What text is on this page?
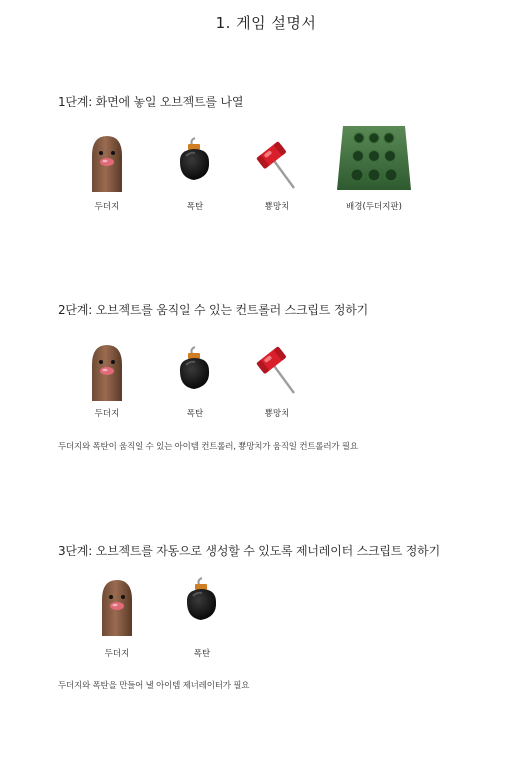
1. 게임 설명서
1단계: 화면에 놓일 오브젝트를 나열
두더지	폭탄	뿅망치	배경(두더지판)
2단계: 오브젝트를 움직일 수 있는 컨트롤러 스크립트 정하기
두더지	폭탄	뿅망치
두더지와 폭탄이 움직일 수 있는 아이템 컨트롤러, 뿅망치가 움직일 컨트롤러가 필요
3단계: 오브젝트를 자동으로 생성할 수 있도록 제너레이터 스크립트 정하기
두더지	폭탄
두더지와 폭탄을 만들어 낼 아이템 제너레이터가 필요
